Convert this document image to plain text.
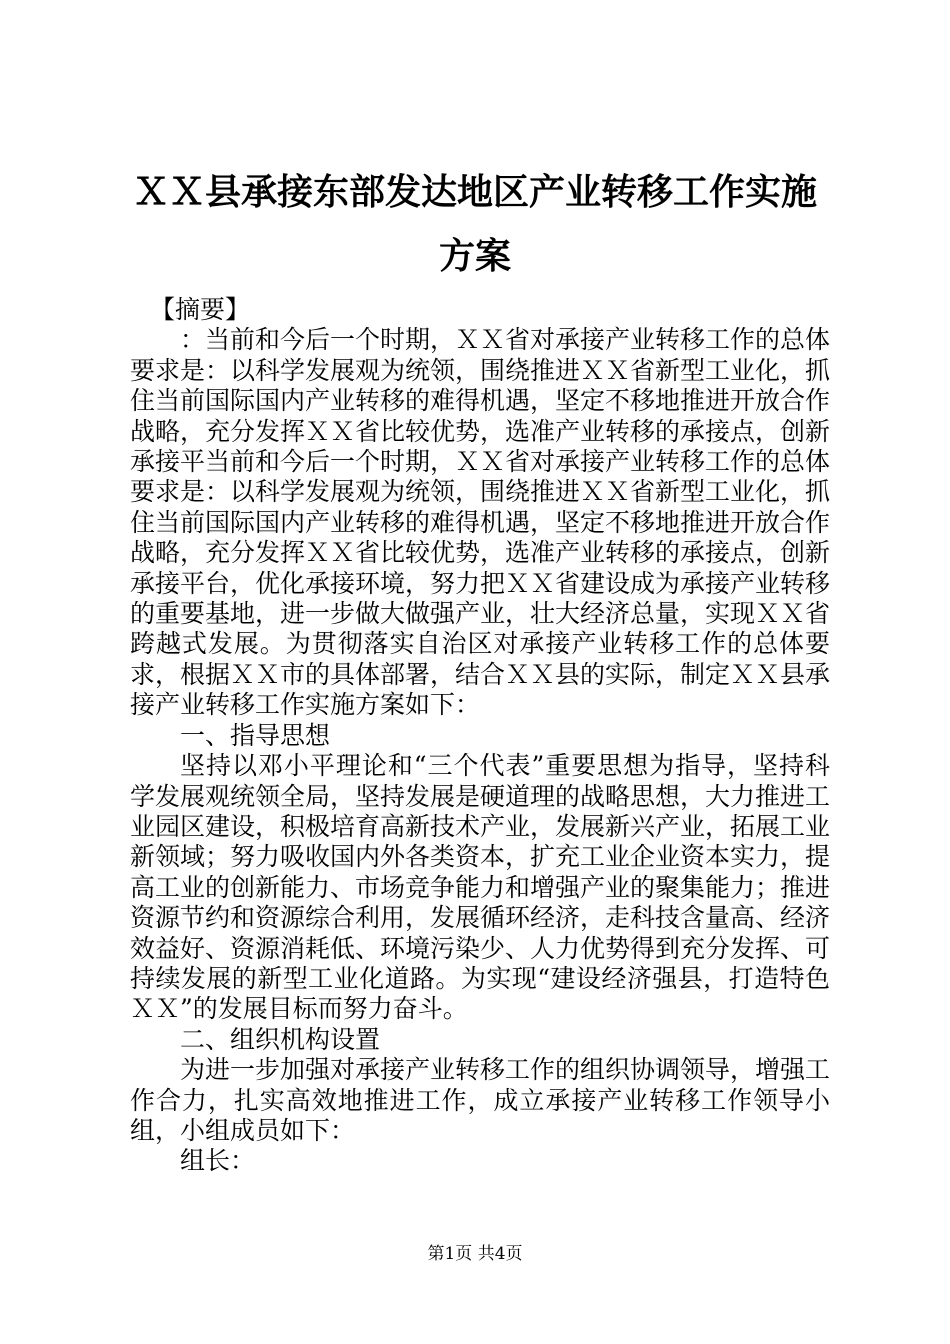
ＸＸ县承接东部发达地区产业转移工作实施方案

【摘要】

：当前和今后一个时期，ＸＸ省对承接产业转移工作的总体要求是：以科学发展观为统领，围绕推进ＸＸ省新型工业化，抓住当前国际国内产业转移的难得机遇，坚定不移地推进开放合作战略，充分发挥ＸＸ省比较优势，选准产业转移的承接点，创新承接平当前和今后一个时期，ＸＸ省对承接产业转移工作的总体要求是：以科学发展观为统领，围绕推进ＸＸ省新型工业化，抓住当前国际国内产业转移的难得机遇，坚定不移地推进开放合作战略，充分发挥ＸＸ省比较优势，选准产业转移的承接点，创新承接平台，优化承接环境，努力把ＸＸ省建设成为承接产业转移的重要基地，进一步做大做强产业，壮大经济总量，实现ＸＸ省跨越式发展。为贯彻落实自治区对承接产业转移工作的总体要求，根据ＸＸ市的具体部署，结合ＸＸ县的实际，制定ＸＸ县承接产业转移工作实施方案如下：

一、指导思想

坚持以邓小平理论和“三个代表”重要思想为指导，坚持科学发展观统领全局，坚持发展是硬道理的战略思想，大力推进工业园区建设，积极培育高新技术产业，发展新兴产业，拓展工业新领域；努力吸收国内外各类资本，扩充工业企业资本实力，提高工业的创新能力、市场竞争能力和增强产业的聚集能力；推进资源节约和资源综合利用，发展循环经济，走科技含量高、经济效益好、资源消耗低、环境污染少、人力优势得到充分发挥、可持续发展的新型工业化道路。为实现“建设经济强县，打造特色ＸＸ”的发展目标而努力奋斗。

二、组织机构设置

为进一步加强对承接产业转移工作的组织协调领导，增强工作合力，扎实高效地推进工作，成立承接产业转移工作领导小组，小组成员如下：

组长：

第1页 共4页
